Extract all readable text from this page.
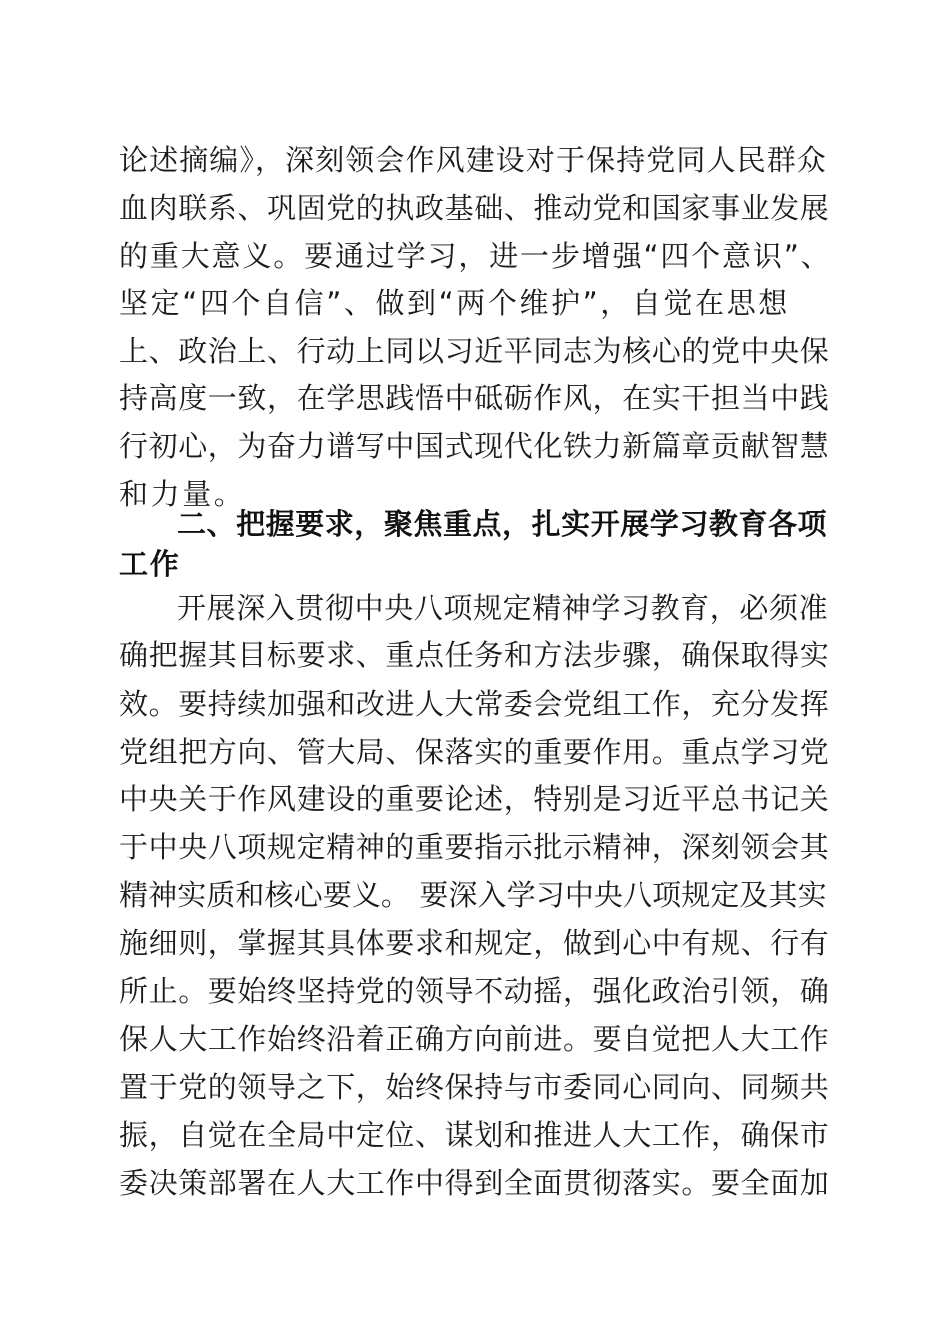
论述摘编》，深刻领会作风建设对于保持党同人民群众
血肉联系、巩固党的执政基础、推动党和国家事业发展
的重大意义。要通过学习，进一步增强“四个意识”、
坚定“四个自信”、做到“两个维护”，自觉在思想
上、政治上、行动上同以习近平同志为核心的党中央保
持高度一致，在学思践悟中砥砺作风，在实干担当中践
行初心，为奋力谱写中国式现代化铁力新篇章贡献智慧
和力量。
二、把握要求，聚焦重点，扎实开展学习教育各项
工作
开展深入贯彻中央八项规定精神学习教育，必须准
确把握其目标要求、重点任务和方法步骤，确保取得实
效。要持续加强和改进人大常委会党组工作，充分发挥
党组把方向、管大局、保落实的重要作用。重点学习党
中央关于作风建设的重要论述，特别是习近平总书记关
于中央八项规定精神的重要指示批示精神，深刻领会其
精神实质和核心要义。 要深入学习中央八项规定及其实
施细则，掌握其具体要求和规定，做到心中有规、行有
所止。要始终坚持党的领导不动摇，强化政治引领，确
保人大工作始终沿着正确方向前进。要自觉把人大工作
置于党的领导之下，始终保持与市委同心同向、同频共
振，自觉在全局中定位、谋划和推进人大工作，确保市
委决策部署在人大工作中得到全面贯彻落实。要全面加
